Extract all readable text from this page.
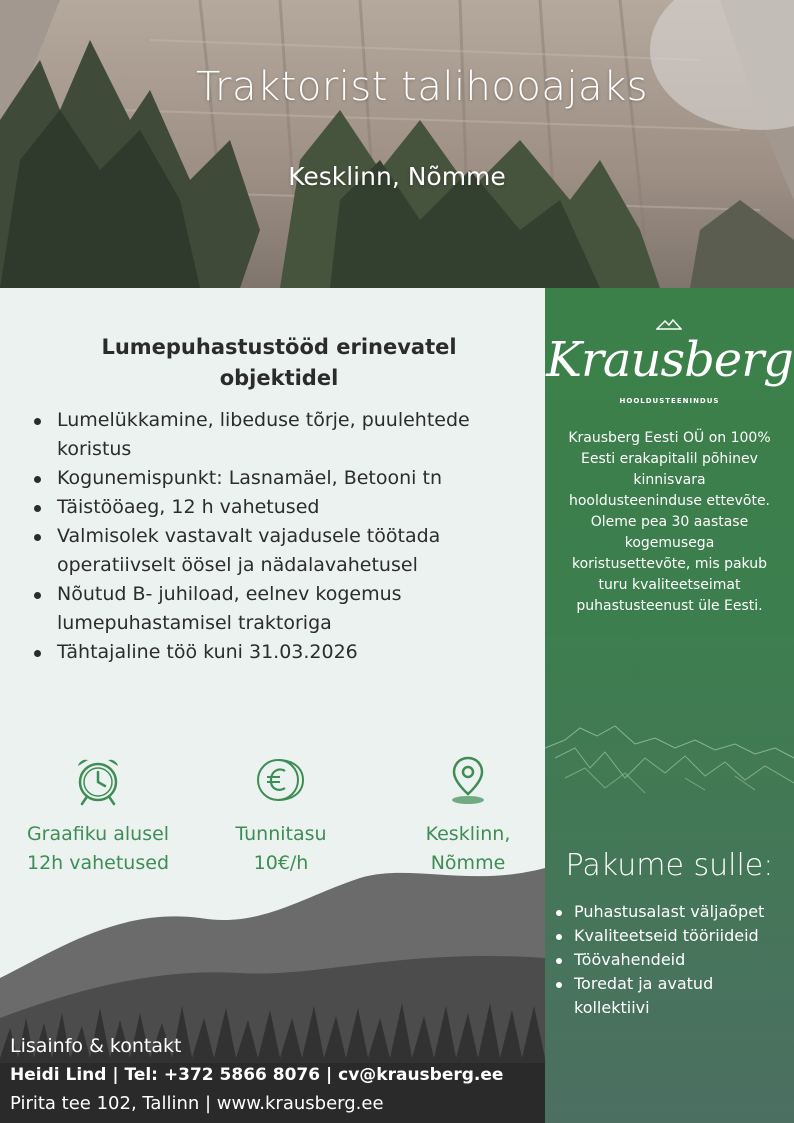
Traktorist talihooajaks
Kesklinn, Nõmme
Lumepuhastustööd erinevatel objektidel
Lumelükkamine, libeduse tõrje, puulehtede koristus
Kogunemispunkt: Lasnamäel, Betooni tn
Täistööaeg, 12 h vahetused
Valmisolek vastavalt vajadusele töötada operatiivselt öösel ja nädalavahetusel
Nõutud B- juhiload, eelnev kogemus lumepuhastamisel traktoriga
Tähtajaline töö kuni 31.03.2026
Graafiku alusel
12h vahetused
Tunnitasu
10€/h
Kesklinn,
Nõmme
Lisainfo & kontakt
Heidi Lind | Tel: +372 5866 8076 | cv@krausberg.ee
Pirita tee 102, Tallinn | www.krausberg.ee
Krausberg
HOOLDUSTEENINDUS
Krausberg Eesti OÜ on 100% Eesti erakapitalil põhinev kinnisvara hooldusteeninduse ettevõte. Oleme pea 30 aastase kogemusega koristusettevõte, mis pakub turu kvaliteetseimat puhastusteenust üle Eesti.
Pakume sulle:
Puhastusalast väljaõpet
Kvaliteetseid tööriideid
Töövahendeid
Toredat ja avatud kollektiivi
